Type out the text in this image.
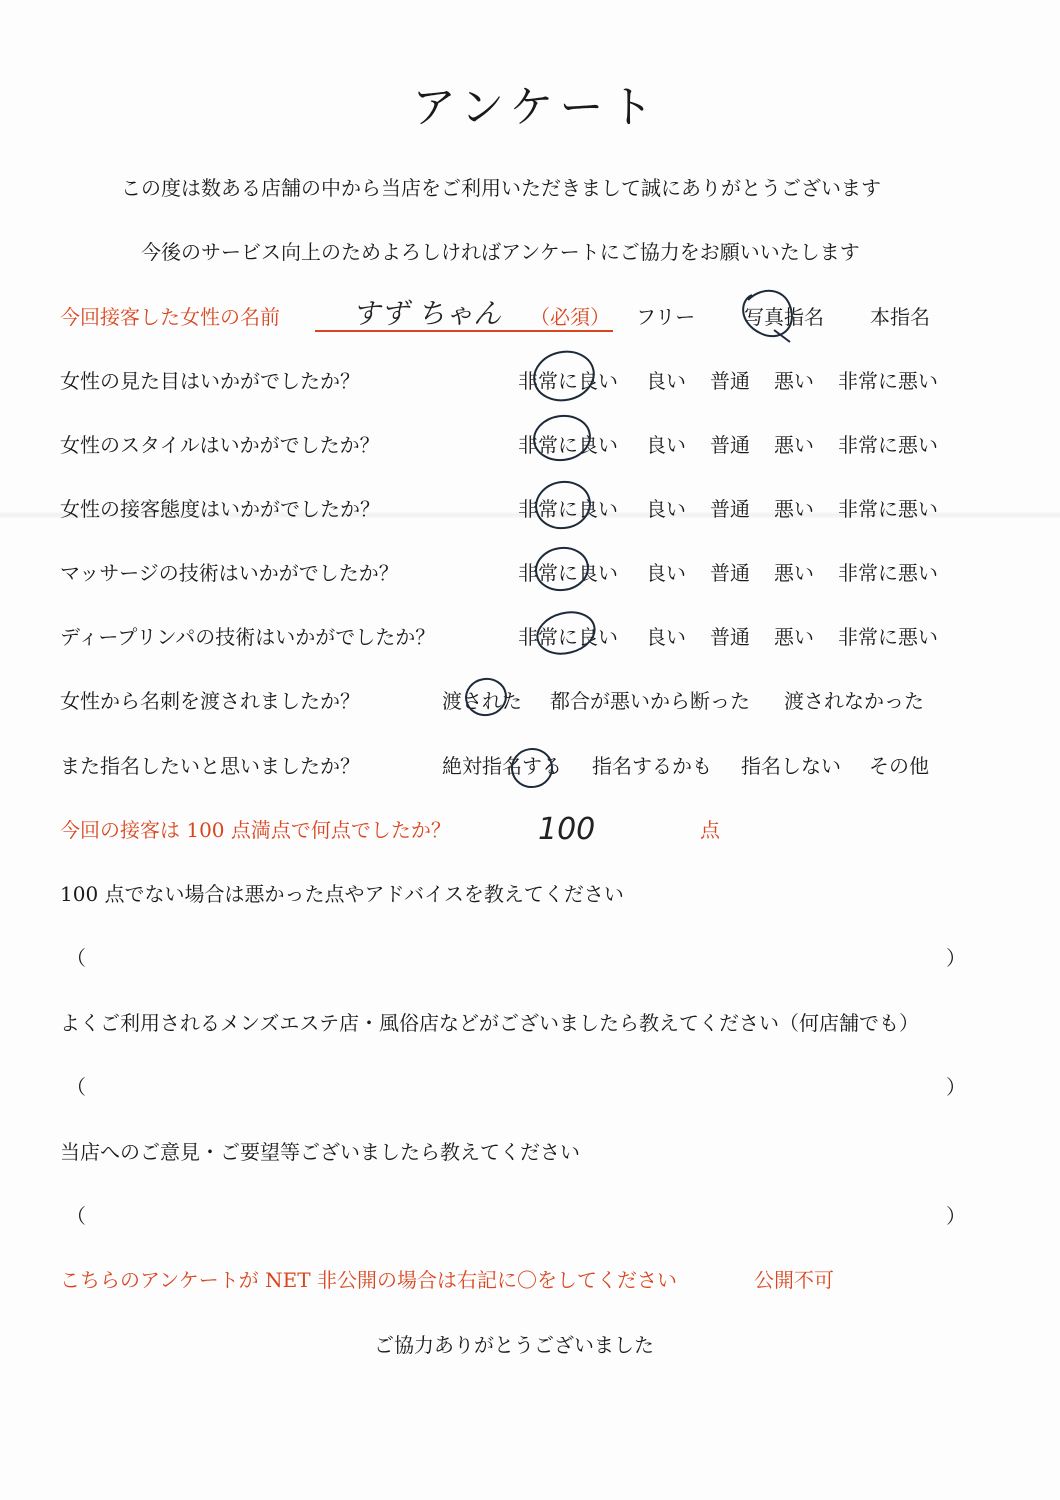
アンケート
この度は数ある店舗の中から当店をご利用いただきまして誠にありがとうございます
今後のサービス向上のためよろしければアンケートにご協力をお願いいたします
今回接客した女性の名前	すず ちゃん （必須） フリー 写真指名 本指名
女性の見た目はいかがでしたか？	非常に良い 良い 普通 悪い 非常に悪い
女性のスタイルはいかがでしたか？	非常に良い 良い 普通 悪い 非常に悪い
女性の接客態度はいかがでしたか？	非常に良い 良い 普通 悪い 非常に悪い
マッサージの技術はいかがでしたか？	非常に良い 良い 普通 悪い 非常に悪い
ディープリンパの技術はいかがでしたか？	非常に良い 良い 普通 悪い 非常に悪い
女性から名刺を渡されましたか？	渡された 都合が悪いから断った 渡されなかった
また指名したいと思いましたか？	絶対指名する 指名するかも 指名しない その他
今回の接客は 100 点満点で何点でしたか？	100	点
100 点でない場合は悪かった点やアドバイスを教えてください
（	）
よくご利用されるメンズエステ店・風俗店などがございましたら教えてください（何店舗でも）
（	）
当店へのご意見・ご要望等ございましたら教えてください
（	）
こちらのアンケートが NET 非公開の場合は右記に〇をしてください	公開不可
ご協力ありがとうございました
